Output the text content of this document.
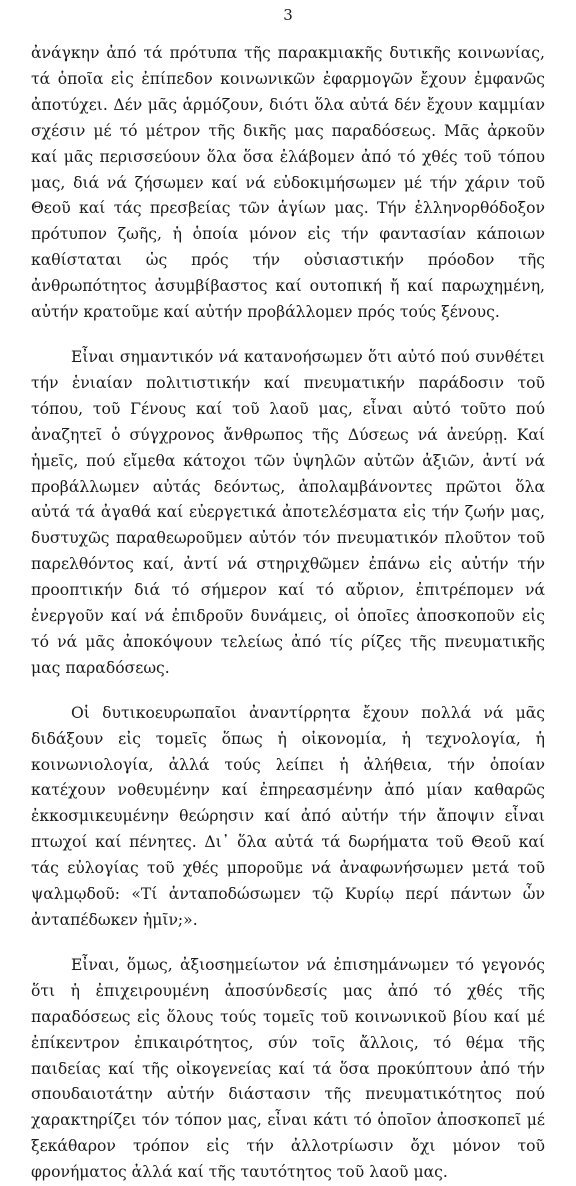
3

ἀνάγκην ἀπό τά πρότυπα τῆς παρακμιακῆς δυτικῆς κοινωνίας, τά ὁποῖα εἰς ἐπίπεδον κοινωνικῶν ἐφαρμογῶν ἔχουν ἐμφανῶς ἀποτύχει. Δέν μᾶς ἁρμόζουν, διότι ὅλα αὐτά δέν ἔχουν καμμίαν σχέσιν μέ τό μέτρον τῆς δικῆς μας παραδόσεως. Μᾶς ἀρκοῦν καί μᾶς περισσεύουν ὅλα ὅσα ἐλάβομεν ἀπό τό χθές τοῦ τόπου μας, διά νά ζήσωμεν καί νά εὐδοκιμήσωμεν μέ τήν χάριν τοῦ Θεοῦ καί τάς πρεσβείας τῶν ἁγίων μας. Τήν ἑλληνορθόδοξον πρότυπον ζωῆς, ἡ ὁποία μόνον εἰς τήν φαντασίαν κάποιων καθίσταται ὡς πρός τήν οὐσιαστικήν πρόοδον τῆς ἀνθρωπότητος ἀσυμβίβαστος καί ουτοπική ἤ καί παρωχημένη, αὐτήν κρατοῦμε καί αὐτήν προβάλλομεν πρός τούς ξένους.

Εἶναι σημαντικόν νά κατανοήσωμεν ὅτι αὐτό πού συνθέτει τήν ἑνιαίαν πολιτιστικήν καί πνευματικήν παράδοσιν τοῦ τόπου, τοῦ Γένους καί τοῦ λαοῦ μας, εἶναι αὐτό τοῦτο πού ἀναζητεῖ ὁ σύγχρονος ἄνθρωπος τῆς Δύσεως νά ἀνεύρῃ. Καί ἡμεῖς, πού εἴμεθα κάτοχοι τῶν ὑψηλῶν αὐτῶν ἀξιῶν, ἀντί νά προβάλλωμεν αὐτάς δεόντως, ἀπολαμβάνοντες πρῶτοι ὅλα αὐτά τά ἀγαθά καί εὐεργετικά ἀποτελέσματα εἰς τήν ζωήν μας, δυστυχῶς παραθεωροῦμεν αὐτόν τόν πνευματικόν πλοῦτον τοῦ παρελθόντος καί, ἀντί νά στηριχθῶμεν ἐπάνω εἰς αὐτήν τήν προοπτικήν διά τό σήμερον καί τό αὔριον, ἐπιτρέπομεν νά ἐνεργοῦν καί νά ἐπιδροῦν δυνάμεις, οἱ ὁποῖες ἀποσκοποῦν εἰς τό νά μᾶς ἀποκόψουν τελείως ἀπό τίς ρίζες τῆς πνευματικῆς μας παραδόσεως.

Οἱ δυτικοευρωπαῖοι ἀναντίρρητα ἔχουν πολλά νά μᾶς διδάξουν εἰς τομεῖς ὅπως ἡ οἰκονομία, ἡ τεχνολογία, ἡ κοινωνιολογία, ἀλλά τούς λείπει ἡ ἀλήθεια, τήν ὁποίαν κατέχουν νοθευμένην καί ἐπηρεασμένην ἀπό μίαν καθαρῶς ἐκκοσμικευμένην θεώρησιν καί ἀπό αὐτήν τήν ἄποψιν εἶναι πτωχοί καί πένητες. Δι᾽ ὅλα αὐτά τά δωρήματα τοῦ Θεοῦ καί τάς εὐλογίας τοῦ χθές μποροῦμε νά ἀναφωνήσωμεν μετά τοῦ ψαλμῳδοῦ: «Τί ἀνταποδώσωμεν τῷ Κυρίῳ περί πάντων ὧν ἀνταπέδωκεν ἡμῖν;».

Εἶναι, ὅμως, ἀξιοσημείωτον νά ἐπισημάνωμεν τό γεγονός ὅτι ἡ ἐπιχειρουμένη ἀποσύνδεσίς μας ἀπό τό χθές τῆς παραδόσεως εἰς ὅλους τούς τομεῖς τοῦ κοινωνικοῦ βίου καί μέ ἐπίκεντρον ἐπικαιρότητος, σύν τοῖς ἄλλοις, τό θέμα τῆς παιδείας καί τῆς οἰκογενείας καί τά ὅσα προκύπτουν ἀπό τήν σπουδαιοτάτην αὐτήν διάστασιν τῆς πνευματικότητος πού χαρακτηρίζει τόν τόπον μας, εἶναι κάτι τό ὁποῖον ἀποσκοπεῖ μέ ξεκάθαρον τρόπον εἰς τήν ἀλλοτρίωσιν ὄχι μόνον τοῦ φρονήματος ἀλλά καί τῆς ταυτότητος τοῦ λαοῦ μας.
